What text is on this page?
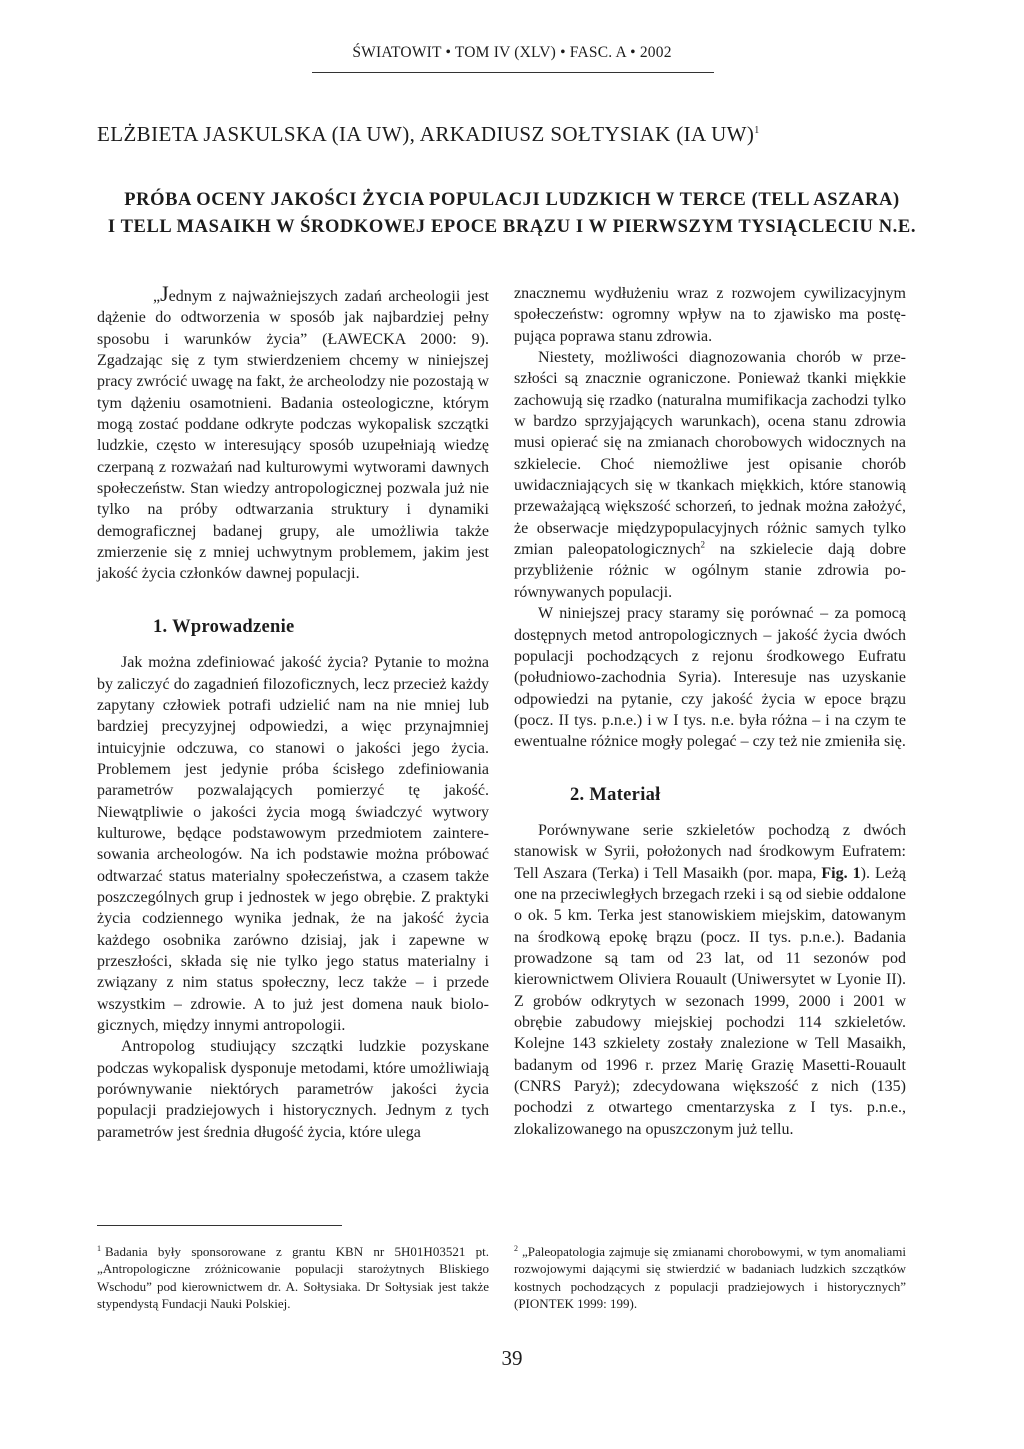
ŚWIATOWIT • TOM IV (XLV) • FASC. A • 2002
ELŻBIETA JASKULSKA (IA UW), ARKADIUSZ SOŁTYSIAK (IA UW)$^1$
PRÓBA OCENY JAKOŚCI ŻYCIA POPULACJI LUDZKICH W TERCE (TELL ASZARA)
I TELL MASAIKH W ŚRODKOWEJ EPOCE BRĄZU I W PIERWSZYM TYSIĄCLECIU N.E.

„Jednym z najważniejszych zadań archeologii jest dążenie do odtworzenia w sposób jak najbardziej pełny sposobu i warunków życia” (ŁAWECKA 2000: 9). Zgadzając się z tym stwierdzeniem chcemy w niniejszej pracy zwrócić uwagę na fakt, że archeolodzy nie pozostają w tym dążeniu osamotnieni. Badania osteologiczne, którym mogą zostać poddane odkryte podczas wykopalisk szczątki ludzkie, często w interesujący sposób uzupełniają wiedzę czerpaną z rozważań nad kulturowymi wytworami dawnych społeczeństw. Stan wiedzy antropologicznej pozwala już nie tylko na próby odtwarzania struktury i dynamiki demograficznej badanej grupy, ale umożliwia także zmierzenie się z mniej uchwytnym problemem, jakim jest jakość życia członków dawnej populacji.

1. Wprowadzenie

Jak można zdefiniować jakość życia? Pytanie to można by zaliczyć do zagadnień filozoficznych, lecz przecież każdy zapytany człowiek potrafi udzielić nam na nie mniej lub bardziej precyzyjnej odpowiedzi, a więc przynajmniej intuicyjnie odczuwa, co stanowi o jakości jego życia. Problemem jest jedynie próba ścisłego zdefiniowania parametrów pozwalających pomierzyć tę jakość. Niewątpliwie o jakości życia mogą świadczyć wytwory kulturowe, będące podstawowym przedmiotem zainteresowania archeologów. Na ich podstawie można próbować odtwarzać status materialny społeczeństwa, a czasem także poszczególnych grup i jednostek w jego obrębie. Z praktyki życia codziennego wynika jednak, że na jakość życia każdego osobnika zarówno dzisiaj, jak i zapewne w przeszłości, składa się nie tylko jego status materialny i związany z nim status społeczny, lecz także – i przede wszystkim – zdrowie. A to już jest domena nauk biologicznych, między innymi antropologii.

Antropolog studiujący szczątki ludzkie pozyskane podczas wykopalisk dysponuje metodami, które umożliwiają porównywanie niektórych parametrów jakości życia populacji pradziejowych i historycznych. Jednym z tych parametrów jest średnia długość życia, które ulega

znacznemu wydłużeniu wraz z rozwojem cywilizacyjnym społeczeństw: ogromny wpływ na to zjawisko ma postępująca poprawa stanu zdrowia.

Niestety, możliwości diagnozowania chorób w przeszłości są znacznie ograniczone. Ponieważ tkanki miękkie zachowują się rzadko (naturalna mumifikacja zachodzi tylko w bardzo sprzyjających warunkach), ocena stanu zdrowia musi opierać się na zmianach chorobowych widocznych na szkielecie. Choć niemożliwe jest opisanie chorób uwidaczniających się w tkankach miękkich, które stanowią przeważającą większość schorzeń, to jednak można założyć, że obserwacje międzypopulacyjnych różnic samych tylko zmian paleopatologicznych$^2$ na szkielecie dają dobre przybliżenie różnic w ogólnym stanie zdrowia porównywanych populacji.

W niniejszej pracy staramy się porównać – za pomocą dostępnych metod antropologicznych – jakość życia dwóch populacji pochodzących z rejonu środkowego Eufratu (południowo-zachodnia Syria). Interesuje nas uzyskanie odpowiedzi na pytanie, czy jakość życia w epoce brązu (pocz. II tys. p.n.e.) i w I tys. n.e. była różna – i na czym te ewentualne różnice mogły polegać – czy też nie zmieniła się.

2. Materiał

Porównywane serie szkieletów pochodzą z dwóch stanowisk w Syrii, położonych nad środkowym Eufratem: Tell Aszara (Terka) i Tell Masaikh (por. mapa, Fig. 1). Leżą one na przeciwległych brzegach rzeki i są od siebie oddalone o ok. 5 km. Terka jest stanowiskiem miejskim, datowanym na środkową epokę brązu (pocz. II tys. p.n.e.). Badania prowadzone są tam od 23 lat, od 11 sezonów pod kierownictwem Oliviera Rouault (Uniwersytet w Lyonie II). Z grobów odkrytych w sezonach 1999, 2000 i 2001 w obrębie zabudowy miejskiej pochodzi 114 szkieletów. Kolejne 143 szkielety zostały znalezione w Tell Masaikh, badanym od 1996 r. przez Marię Grazię Masetti-Rouault (CNRS Paryż); zdecydowana większość z nich (135) pochodzi z otwartego cmentarzyska z I tys. p.n.e., zlokalizowanego na opuszczonym już tellu.

$^1$ Badania były sponsorowane z grantu KBN nr 5H01H03521 pt. „Antropologiczne zróżnicowanie populacji starożytnych Bliskiego Wschodu” pod kierownictwem dr. A. Sołtysiaka. Dr Sołtysiak jest także stypendystą Fundacji Nauki Polskiej.
$^2$ „Paleopatologia zajmuje się zmianami chorobowymi, w tym anomaliami rozwojowymi dającymi się stwierdzić w badaniach ludzkich szczątków kostnych pochodzących z populacji pradziejowych i historycznych” (PIONTEK 1999: 199).
39
